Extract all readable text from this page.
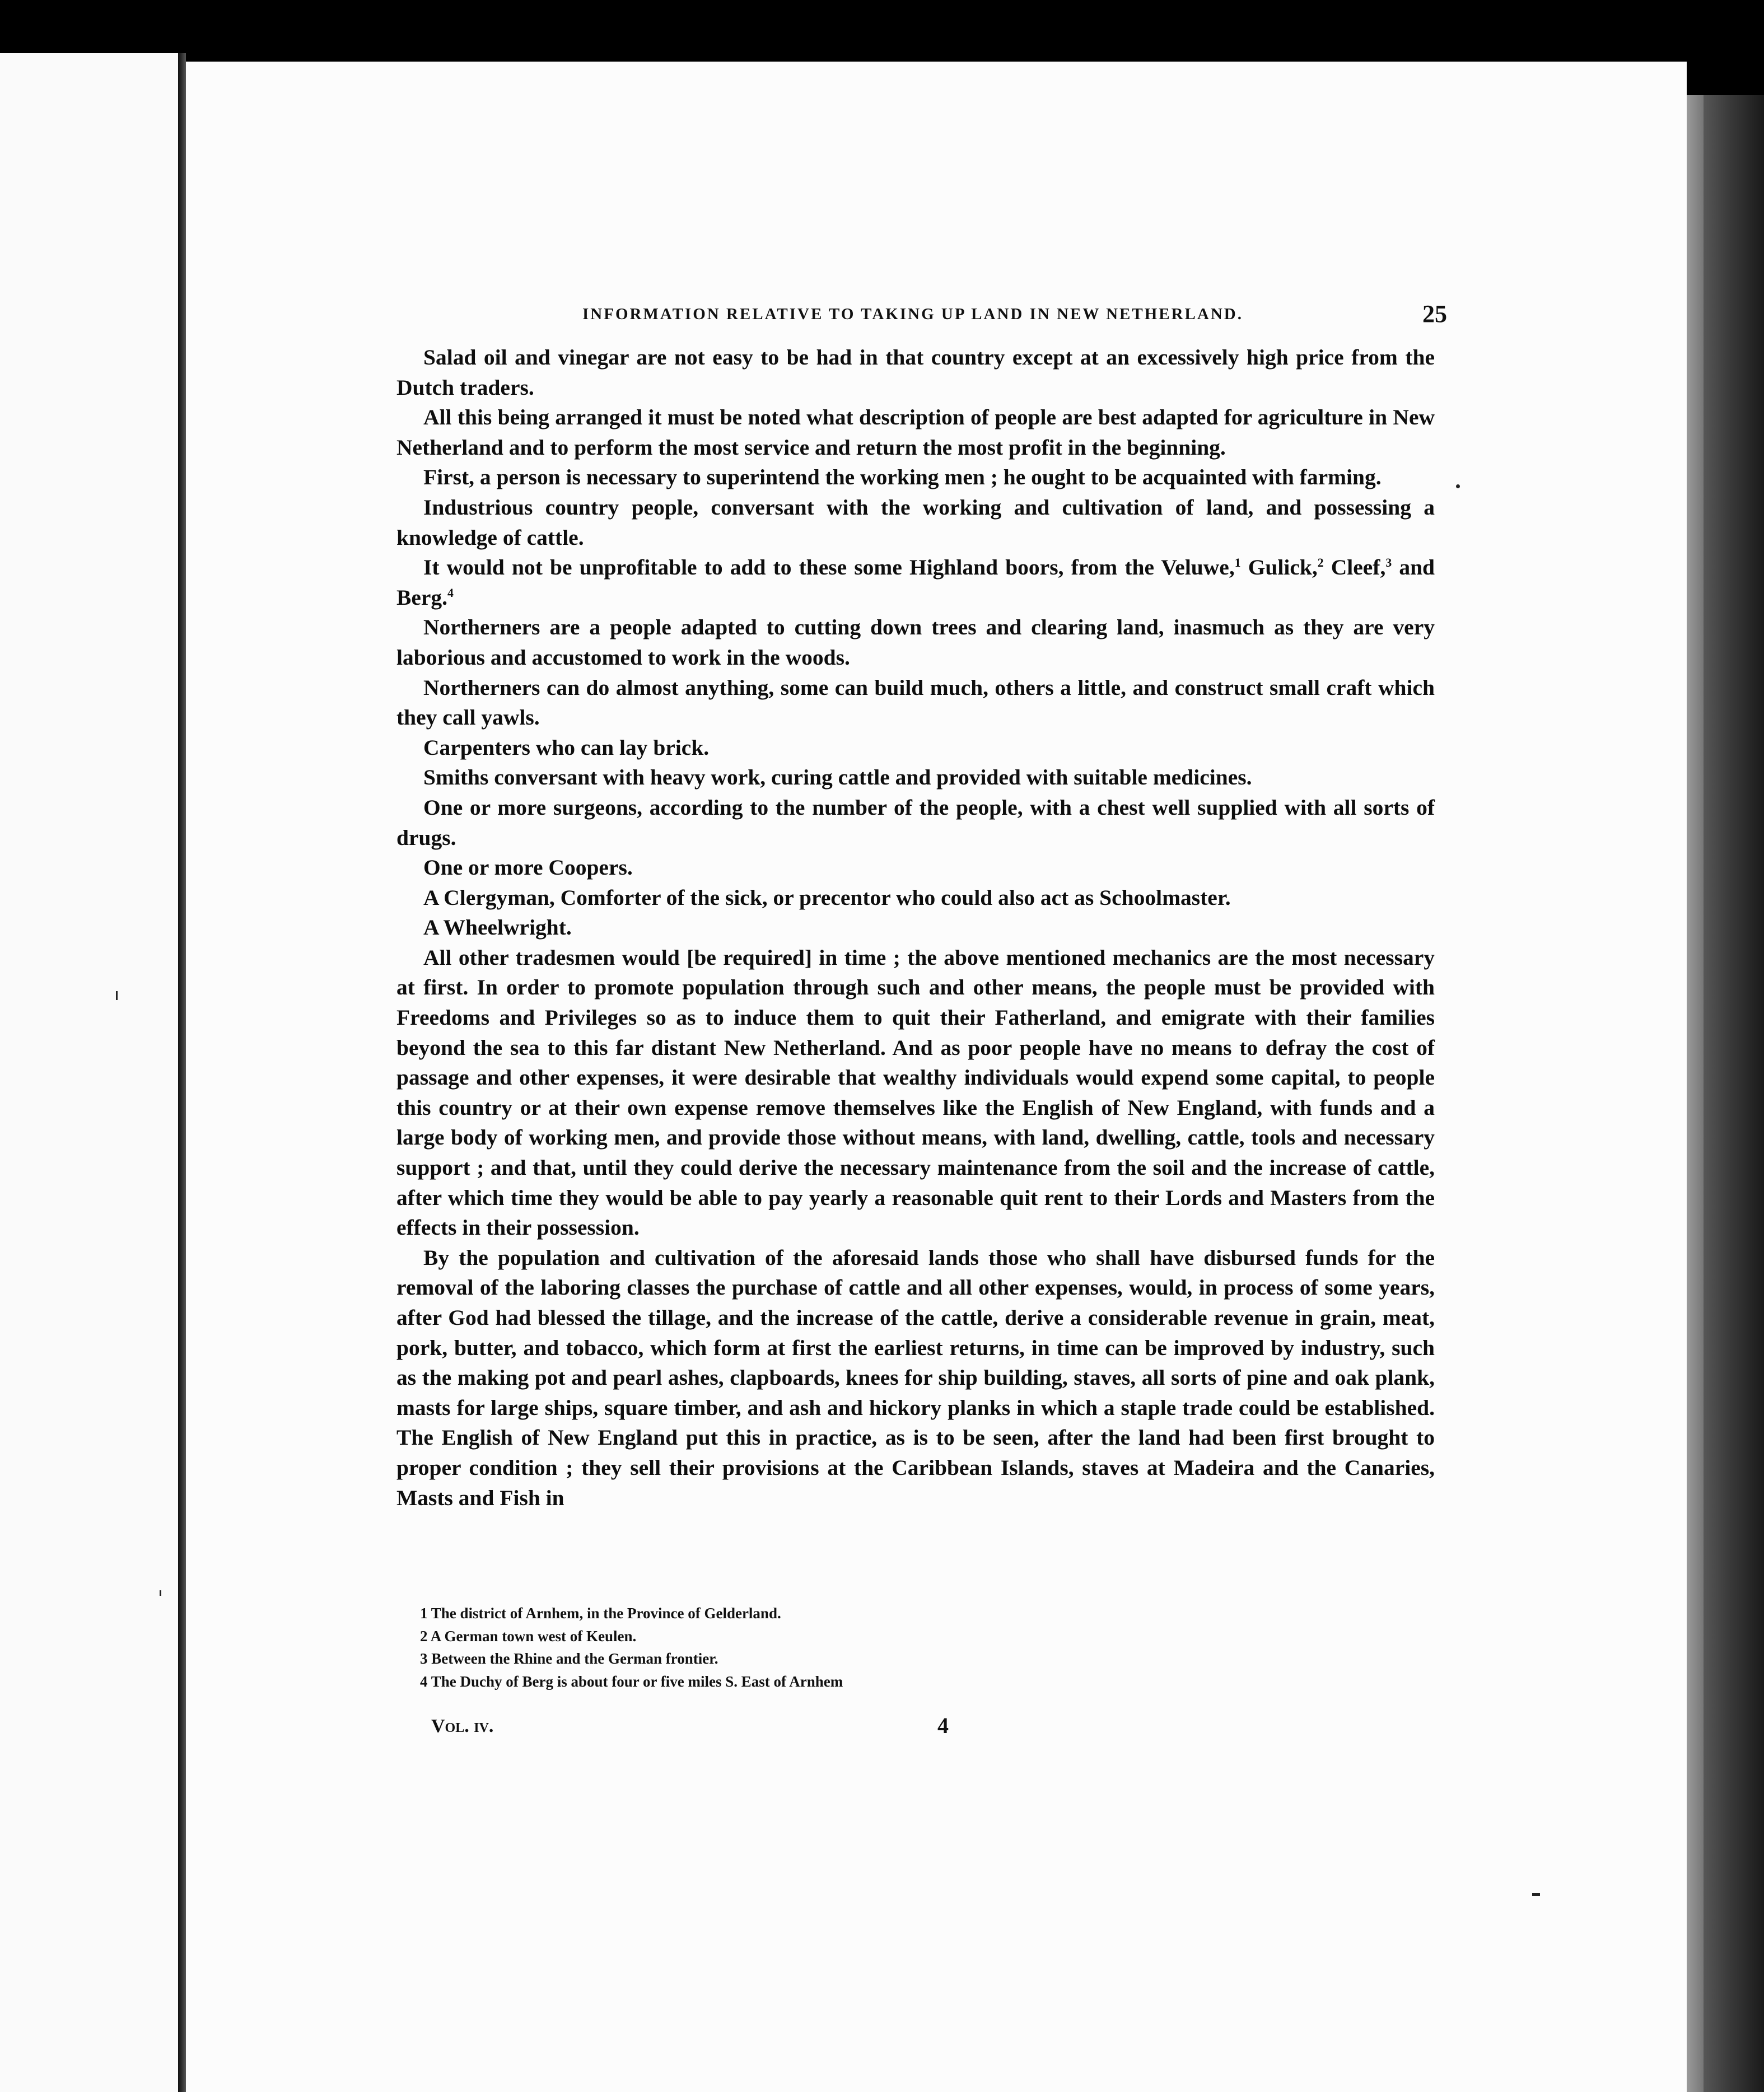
INFORMATION RELATIVE TO TAKING UP LAND IN NEW NETHERLAND.	25

Salad oil and vinegar are not easy to be had in that country except at an excessively high price from the Dutch traders.

All this being arranged it must be noted what description of people are best adapted for agriculture in New Netherland and to perform the most service and return the most profit in the beginning.

First, a person is necessary to superintend the working men ; he ought to be acquainted with farming.

Industrious country people, conversant with the working and cultivation of land, and possessing a knowledge of cattle.

It would not be unprofitable to add to these some Highland boors, from the Veluwe,$^1$ Gulick,$^2$ Cleef,$^3$ and Berg.$^4$

Northerners are a people adapted to cutting down trees and clearing land, inasmuch as they are very laborious and accustomed to work in the woods.

Northerners can do almost anything, some can build much, others a little, and construct small craft which they call yawls.

Carpenters who can lay brick.

Smiths conversant with heavy work, curing cattle and provided with suitable medicines.

One or more surgeons, according to the number of the people, with a chest well supplied with all sorts of drugs.

One or more Coopers.

A Clergyman, Comforter of the sick, or precentor who could also act as Schoolmaster.

A Wheelwright.

All other tradesmen would [be required] in time ; the above mentioned mechanics are the most necessary at first. In order to promote population through such and other means, the people must be provided with Freedoms and Privileges so as to induce them to quit their Fatherland, and emigrate with their families beyond the sea to this far distant New Netherland. And as poor people have no means to defray the cost of passage and other expenses, it were desirable that wealthy individuals would expend some capital, to people this country or at their own expense remove themselves like the English of New England, with funds and a large body of working men, and provide those without means, with land, dwelling, cattle, tools and necessary support ; and that, until they could derive the necessary maintenance from the soil and the increase of cattle, after which time they would be able to pay yearly a reasonable quit rent to their Lords and Masters from the effects in their possession.

By the population and cultivation of the aforesaid lands those who shall have disbursed funds for the removal of the laboring classes the purchase of cattle and all other expenses, would, in process of some years, after God had blessed the tillage, and the increase of the cattle, derive a considerable revenue in grain, meat, pork, butter, and tobacco, which form at first the earliest returns, in time can be improved by industry, such as the making pot and pearl ashes, clapboards, knees for ship building, staves, all sorts of pine and oak plank, masts for large ships, square timber, and ash and hickory planks in which a staple trade could be established. The English of New England put this in practice, as is to be seen, after the land had been first brought to proper condition ; they sell their provisions at the Caribbean Islands, staves at Madeira and the Canaries, Masts and Fish in

1 The district of Arnhem, in the Province of Gelderland.
2 A German town west of Keulen.
3 Between the Rhine and the German frontier.
4 The Duchy of Berg is about four or five miles S. East of Arnhem
Vol. iv.	4
